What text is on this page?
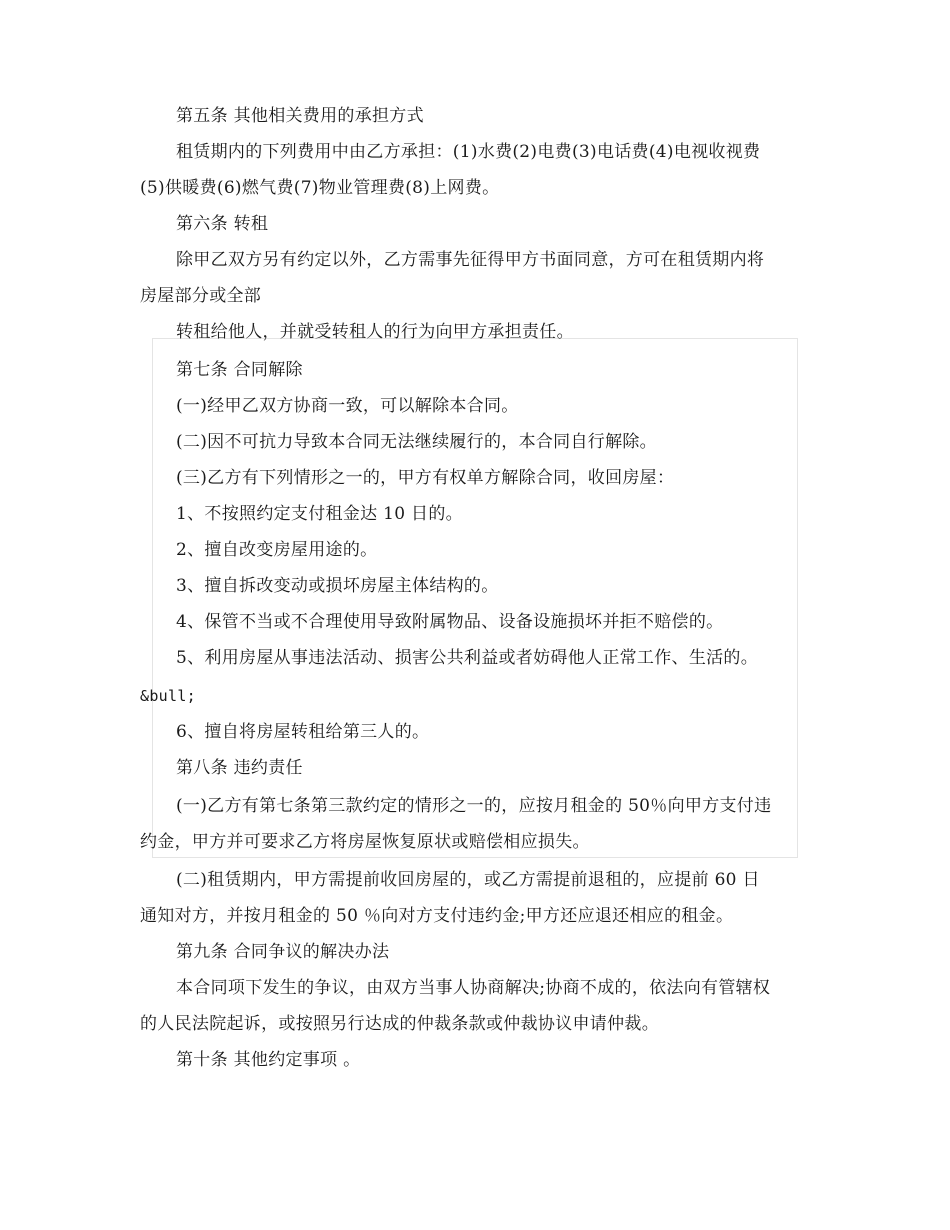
第五条 其他相关费用的承担方式
租赁期内的下列费用中由乙方承担：(1)水费(2)电费(3)电话费(4)电视收视费
(5)供暖费(6)燃气费(7)物业管理费(8)上网费。
第六条 转租
除甲乙双方另有约定以外，乙方需事先征得甲方书面同意，方可在租赁期内将
房屋部分或全部
转租给他人，并就受转租人的行为向甲方承担责任。
第七条 合同解除
(一)经甲乙双方协商一致，可以解除本合同。
(二)因不可抗力导致本合同无法继续履行的，本合同自行解除。
(三)乙方有下列情形之一的，甲方有权单方解除合同，收回房屋：
1、不按照约定支付租金达 10 日的。
2、擅自改变房屋用途的。
3、擅自拆改变动或损坏房屋主体结构的。
4、保管不当或不合理使用导致附属物品、设备设施损坏并拒不赔偿的。
5、利用房屋从事违法活动、损害公共利益或者妨碍他人正常工作、生活的。
&bull;
6、擅自将房屋转租给第三人的。
第八条 违约责任
(一)乙方有第七条第三款约定的情形之一的，应按月租金的 50％向甲方支付违
约金，甲方并可要求乙方将房屋恢复原状或赔偿相应损失。
(二)租赁期内，甲方需提前收回房屋的，或乙方需提前退租的，应提前 60 日
通知对方，并按月租金的 50 ％向对方支付违约金;甲方还应退还相应的租金。
第九条 合同争议的解决办法
本合同项下发生的争议，由双方当事人协商解决;协商不成的，依法向有管辖权
的人民法院起诉，或按照另行达成的仲裁条款或仲裁协议申请仲裁。
第十条 其他约定事项 。
